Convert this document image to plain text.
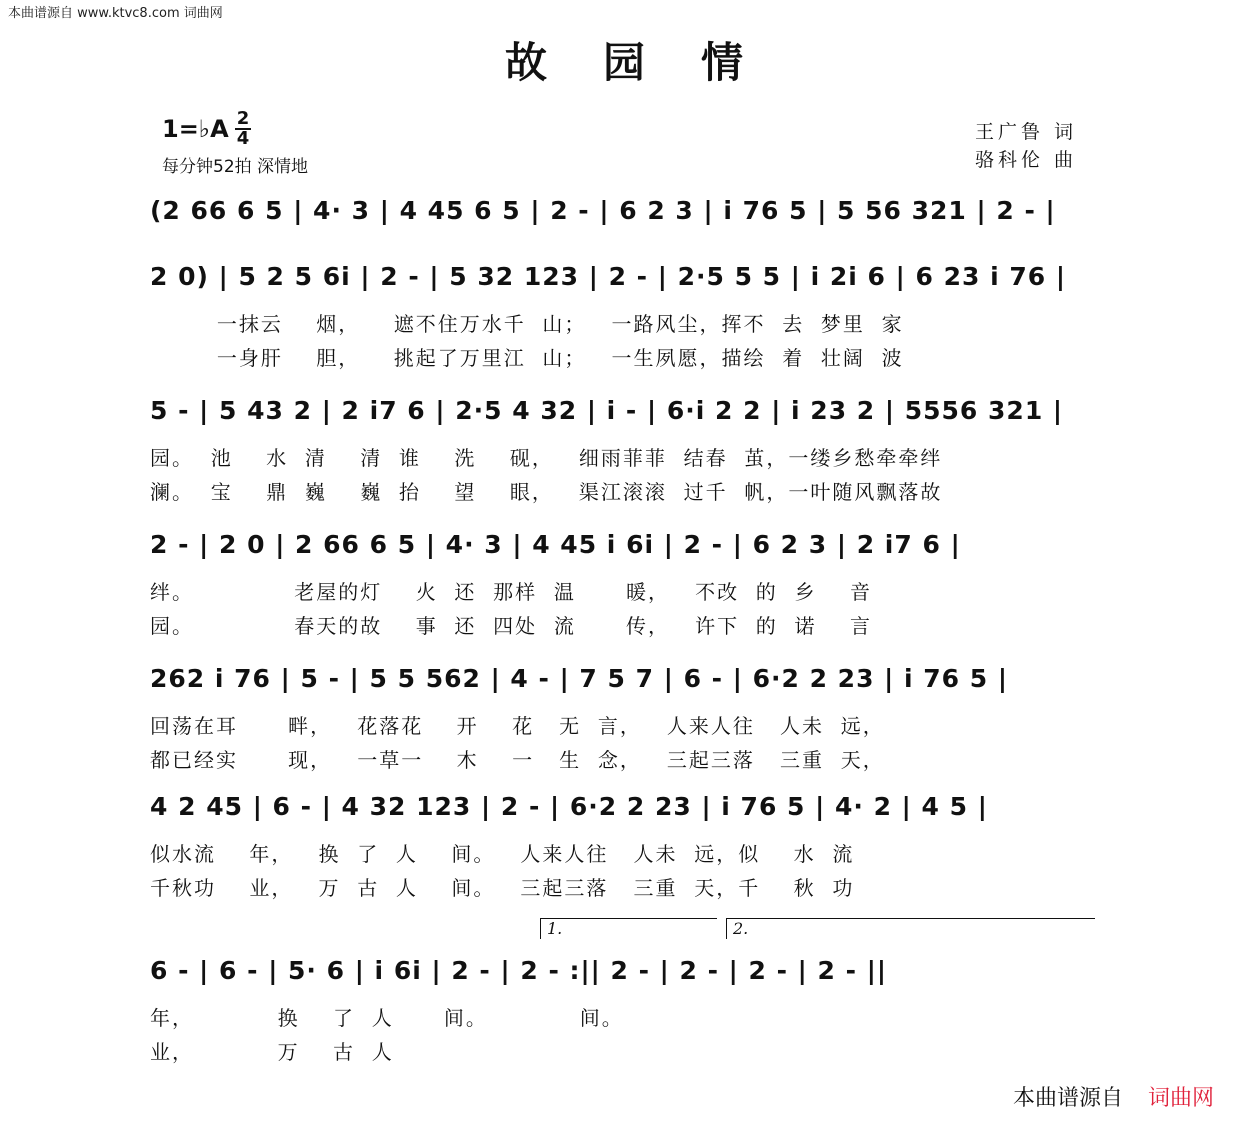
本曲谱源自 www.ktvc8.com 词曲网
故园情
1=♭A 2
4
每分钟52拍 深情地
王广鲁 词
骆科伦 曲
(2 66 6 5 | 4· 3 | 4 45 6 5 | 2 - | 6 2 3 | i 76 5 | 5 56 321 | 2 - |
2 0) | 5 2 5 6i | 2 - | 5 32 123 | 2 - | 2·5 5 5 | i 2i 6 | 6 23 i 76 |
一抹云    烟，    遮不住万水千  山；   一路风尘，挥不  去  梦里  家
一身肝    胆，    挑起了万里江  山；   一生夙愿，描绘  着  壮阔  波
5 - | 5 43 2 | 2 i7 6 | 2·5 4 32 | i - | 6·i 2 2 | i 23 2 | 5556 321 |
园。  池    水  清    清  谁    洗    砚，   细雨菲菲  结春  茧，一缕乡愁牵牵绊
澜。  宝    鼎  巍    巍  抬    望    眼，   渠江滚滚  过千  帆，一叶随风飘落故
2 - | 2 0 | 2 66 6 5 | 4· 3 | 4 45 i 6i | 2 - | 6 2 3 | 2 i7 6 |
绊。            老屋的灯    火  还  那样  温      暖，   不改  的  乡    音
园。            春天的故    事  还  四处  流      传，   许下  的  诺    言
262 i 76 | 5 - | 5 5 562 | 4 - | 7 5 7 | 6 - | 6·2 2 23 | i 76 5 |
回荡在耳      畔，   花落花    开    花   无  言，   人来人往   人未  远，
都已经实      现，   一草一    木    一   生  念，   三起三落   三重  天，
4 2 45 | 6 - | 4 32 123 | 2 - | 6·2 2 23 | i 76 5 | 4· 2 | 4 5 |
似水流    年，   换  了  人    间。   人来人往   人未  远，似    水  流
千秋功    业，   万  古  人    间。   三起三落   三重  天，千    秋  功
1.	2.
6 - | 6 - | 5· 6 | i 6i | 2 - | 2 - :|| 2 - | 2 - | 2 - | 2 - ||
年，          换    了  人      间。           间。
业，          万    古  人
本曲谱源自 词曲网
